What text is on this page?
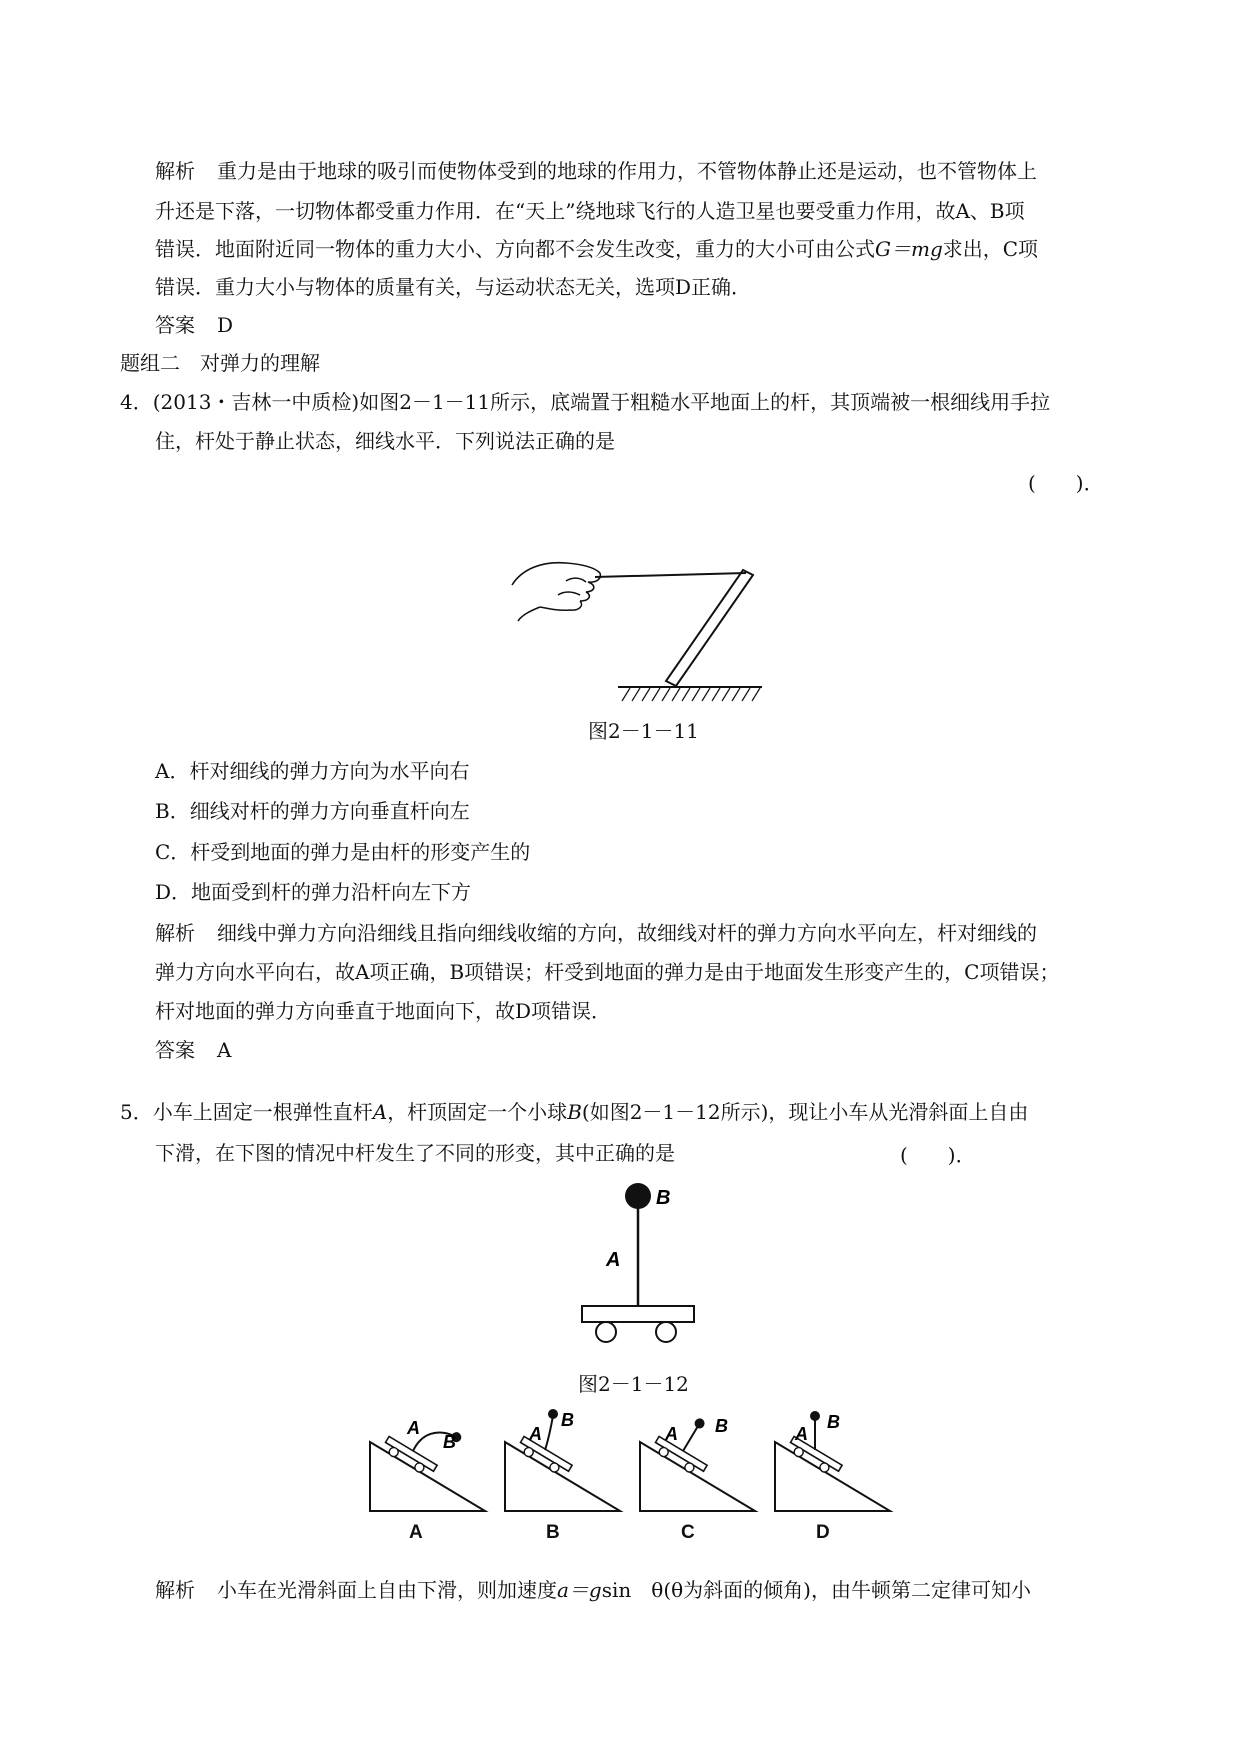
解析 重力是由于地球的吸引而使物体受到的地球的作用力，不管物体静止还是运动，也不管物体上
升还是下落，一切物体都受重力作用．在“天上”绕地球飞行的人造卫星也要受重力作用，故A、B项
错误．地面附近同一物体的重力大小、方向都不会发生改变，重力的大小可由公式G＝mg求出，C项
错误．重力大小与物体的质量有关，与运动状态无关，选项D正确．
答案 D
题组二　对弹力的理解
4．(2013・吉林一中质检)如图2－1－11所示，底端置于粗糙水平地面上的杆，其顶端被一根细线用手拉
住，杆处于静止状态，细线水平．下列说法正确的是
(　　)．
图2－1－11
A．杆对细线的弹力方向为水平向右
B．细线对杆的弹力方向垂直杆向左
C．杆受到地面的弹力是由杆的形变产生的
D．地面受到杆的弹力沿杆向左下方
解析 细线中弹力方向沿细线且指向细线收缩的方向，故细线对杆的弹力方向水平向左，杆对细线的
弹力方向水平向右，故A项正确，B项错误；杆受到地面的弹力是由于地面发生形变产生的，C项错误；
杆对地面的弹力方向垂直于地面向下，故D项错误．
答案 A
5．小车上固定一根弹性直杆A，杆顶固定一个小球B(如图2－1－12所示)，现让小车从光滑斜面上自由
下滑，在下图的情况中杆发生了不同的形变，其中正确的是	(　　)．
B
A
图2－1－12
A
B	A
B
A B	A
B
A	B	C	D
解析 小车在光滑斜面上自由下滑，则加速度a＝gsin　θ(θ为斜面的倾角)，由牛顿第二定律可知小
